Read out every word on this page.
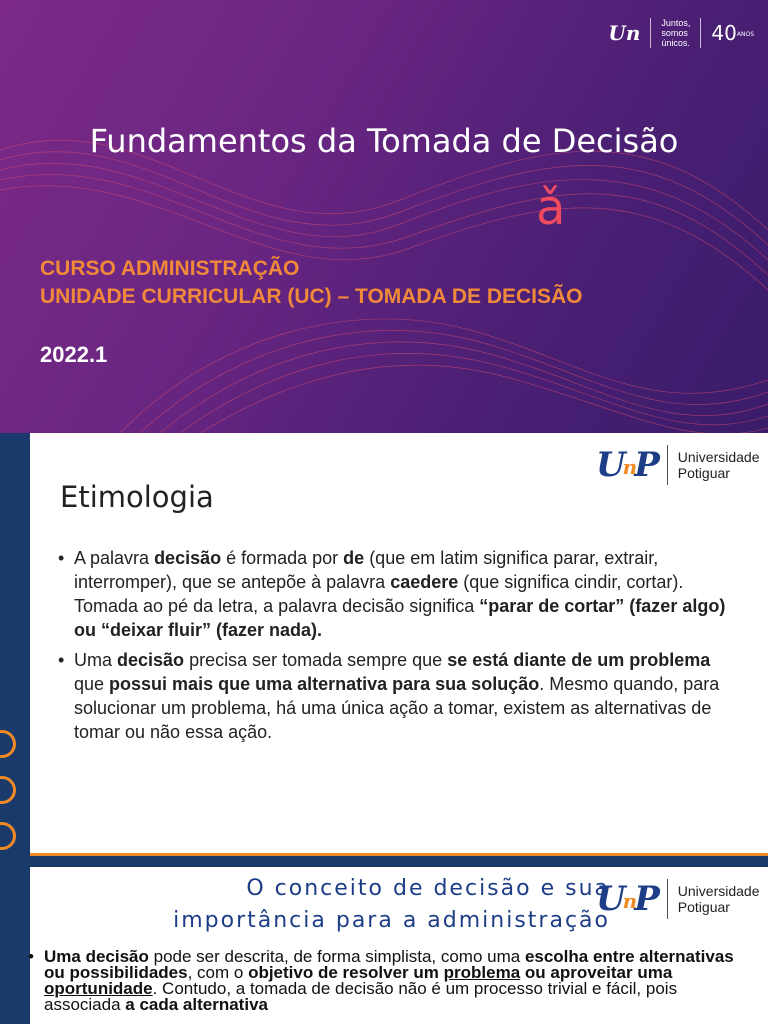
Un Juntos,
somos
únicos. 40ANOS
Fundamentos da Tomada de Decisão
ǎ
CURSO ADMINISTRAÇÃO
UNIDADE CURRICULAR (UC) – TOMADA DE DECISÃO
2022.1
Etimologia
UnP Universidade
Potiguar
• A palavra decisão é formada por de (que em latim significa parar, extrair, interromper), que se antepõe à palavra caedere (que significa cindir, cortar). Tomada ao pé da letra, a palavra decisão significa “parar de cortar” (fazer algo) ou “deixar fluir” (fazer nada).
• Uma decisão precisa ser tomada sempre que se está diante de um problema que possui mais que uma alternativa para sua solução. Mesmo quando, para solucionar um problema, há uma única ação a tomar, existem as alternativas de tomar ou não essa ação.
O conceito de decisão e sua
importância para a administração
UnP Universidade
Potiguar
• Uma decisão pode ser descrita, de forma simplista, como uma escolha entre alternativas ou possibilidades, com o objetivo de resolver um problema ou aproveitar uma oportunidade. Contudo, a tomada de decisão não é um processo trivial e fácil, pois associada a cada alternativa
